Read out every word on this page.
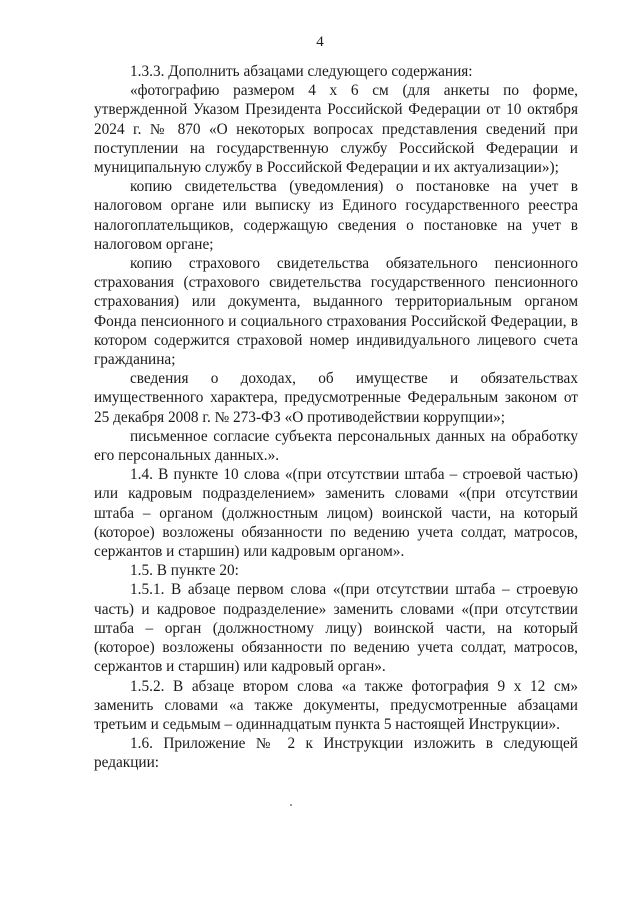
4

1.3.3. Дополнить абзацами следующего содержания:

«фотографию размером 4 х 6 см (для анкеты по форме, утвержденной Указом Президента Российской Федерации от 10 октября 2024 г. № 870 «О некоторых вопросах представления сведений при поступлении на государственную службу Российской Федерации и муниципальную службу в Российской Федерации и их актуализации»);

копию свидетельства (уведомления) о постановке на учет в налоговом органе или выписку из Единого государственного реестра налогоплательщиков, содержащую сведения о постановке на учет в налоговом органе;

копию страхового свидетельства обязательного пенсионного страхования (страхового свидетельства государственного пенсионного страхования) или документа, выданного территориальным органом Фонда пенсионного и социального страхования Российской Федерации, в котором содержится страховой номер индивидуального лицевого счета гражданина;

сведения о доходах, об имуществе и обязательствах имущественного характера, предусмотренные Федеральным законом от 25 декабря 2008 г. № 273-ФЗ «О противодействии коррупции»;

письменное согласие субъекта персональных данных на обработку его персональных данных.».

1.4. В пункте 10 слова «(при отсутствии штаба – строевой частью) или кадровым подразделением» заменить словами «(при отсутствии штаба – органом (должностным лицом) воинской части, на который (которое) возложены обязанности по ведению учета солдат, матросов, сержантов и старшин) или кадровым органом».

1.5. В пункте 20:

1.5.1. В абзаце первом слова «(при отсутствии штаба – строевую часть) и кадровое подразделение» заменить словами «(при отсутствии штаба – орган (должностному лицу) воинской части, на который (которое) возложены обязанности по ведению учета солдат, матросов, сержантов и старшин) или кадровый орган».

1.5.2. В абзаце втором слова «а также фотография 9 х 12 см» заменить словами «а также документы, предусмотренные абзацами третьим и седьмым – одиннадцатым пункта 5 настоящей Инструкции».

1.6. Приложение № 2 к Инструкции изложить в следующей редакции:
